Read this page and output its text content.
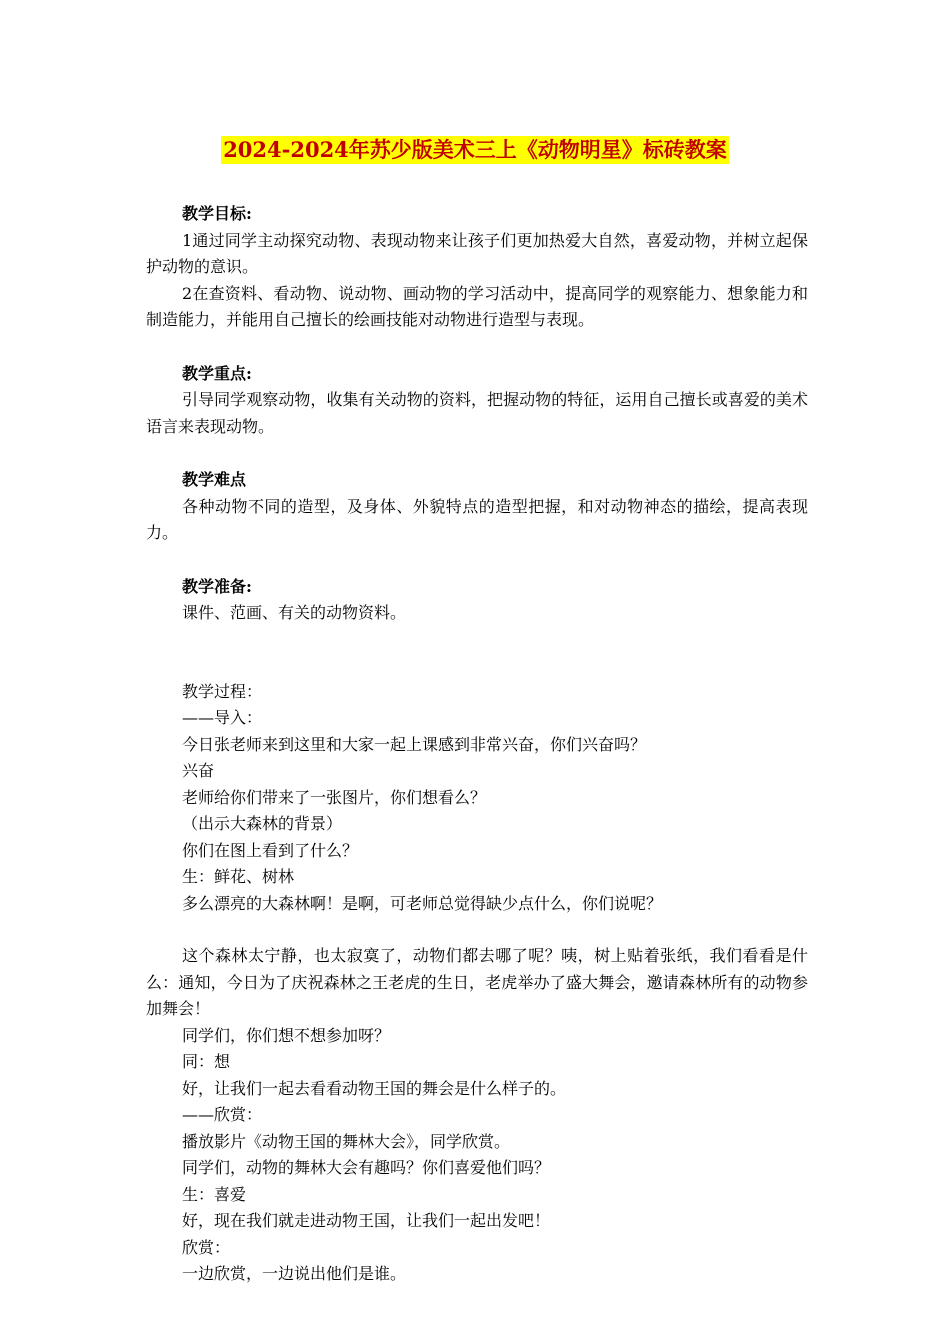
2024-2024年苏少版美术三上《动物明星》标砖教案

教学目标:

1通过同学主动探究动物、表现动物来让孩子们更加热爱大自然，喜爱动物，并树立起保护动物的意识。

2在查资料、看动物、说动物、画动物的学习活动中，提高同学的观察能力、想象能力和制造能力，并能用自己擅长的绘画技能对动物进行造型与表现。

教学重点:

引导同学观察动物，收集有关动物的资料，把握动物的特征，运用自己擅长或喜爱的美术语言来表现动物。

教学难点

各种动物不同的造型，及身体、外貌特点的造型把握，和对动物神态的描绘，提高表现力。

教学准备:

课件、范画、有关的动物资料。

教学过程：

——导入：

今日张老师来到这里和大家一起上课感到非常兴奋，你们兴奋吗？

兴奋

老师给你们带来了一张图片，你们想看么？

（出示大森林的背景）

你们在图上看到了什么？

生：鲜花、树林

多么漂亮的大森林啊！是啊，可老师总觉得缺少点什么，你们说呢？

这个森林太宁静，也太寂寞了，动物们都去哪了呢？咦，树上贴着张纸，我们看看是什么：通知，今日为了庆祝森林之王老虎的生日，老虎举办了盛大舞会，邀请森林所有的动物参加舞会！

同学们，你们想不想参加呀？

同：想

好，让我们一起去看看动物王国的舞会是什么样子的。

——欣赏：

播放影片《动物王国的舞林大会》，同学欣赏。

同学们，动物的舞林大会有趣吗？你们喜爱他们吗？

生：喜爱

好，现在我们就走进动物王国，让我们一起出发吧！

欣赏：

一边欣赏，一边说出他们是谁。
